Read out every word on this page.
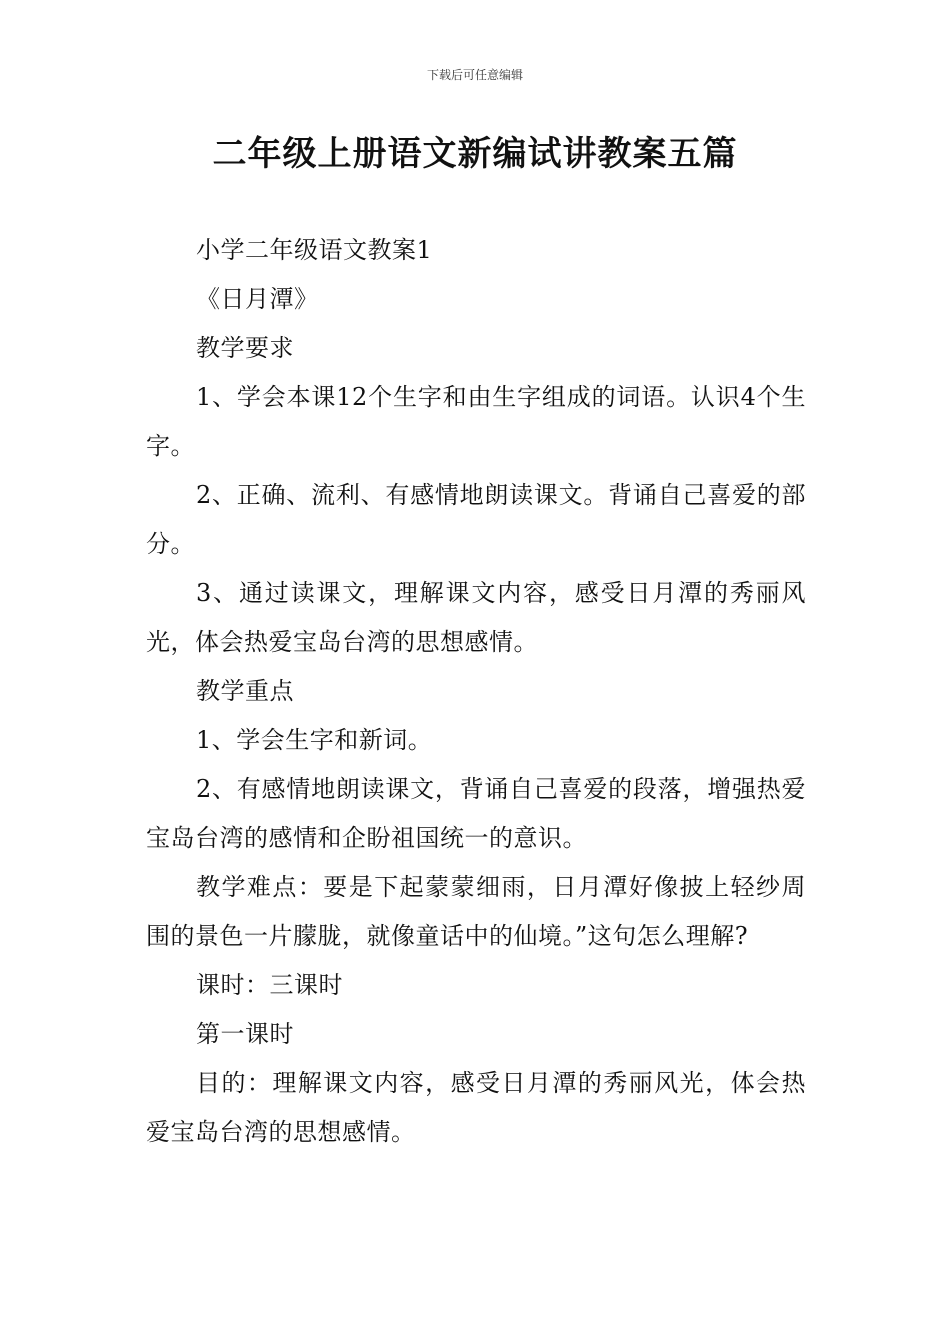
下载后可任意编辑
二年级上册语文新编试讲教案五篇

小学二年级语文教案1

《日月潭》

教学要求

1、学会本课12个生字和由生字组成的词语。认识4个生字。

2、正确、流利、有感情地朗读课文。背诵自己喜爱的部分。

3、通过读课文，理解课文内容，感受日月潭的秀丽风光，体会热爱宝岛台湾的思想感情。

教学重点

1、学会生字和新词。

2、有感情地朗读课文，背诵自己喜爱的段落，增强热爱宝岛台湾的感情和企盼祖国统一的意识。

教学难点：要是下起蒙蒙细雨，日月潭好像披上轻纱周围的景色一片朦胧，就像童话中的仙境。”这句怎么理解?

课时：三课时

第一课时

目的：理解课文内容，感受日月潭的秀丽风光，体会热爱宝岛台湾的思想感情。
